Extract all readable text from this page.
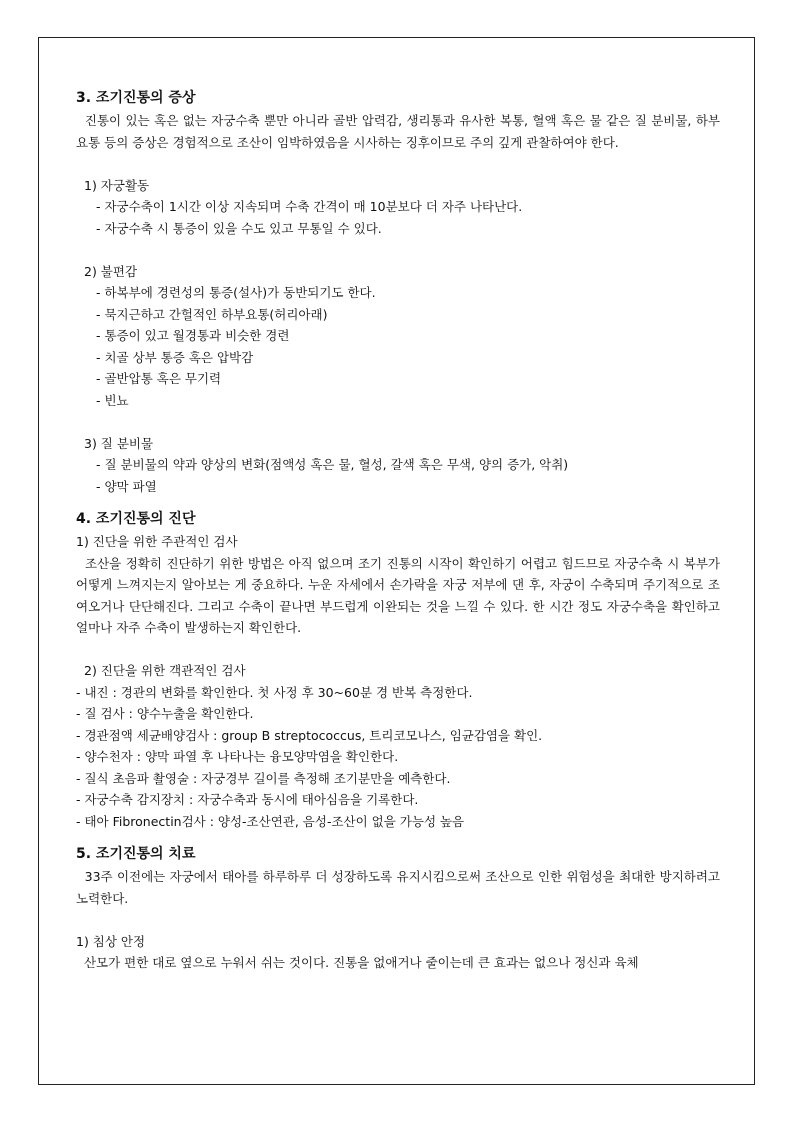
3. 조기진통의 증상

진통이 있는 혹은 없는 자궁수축 뿐만 아니라 골반 압력감, 생리통과 유사한 복통, 혈액 혹은 물 같은 질 분비물, 하부 요통 등의 증상은 경험적으로 조산이 임박하였음을 시사하는 징후이므로 주의 깊게 관찰하여야 한다.

1) 자궁활동

- 자궁수축이 1시간 이상 지속되며 수축 간격이 매 10분보다 더 자주 나타난다.

- 자궁수축 시 통증이 있을 수도 있고 무통일 수 있다.

2) 불편감

- 하복부에 경련성의 통증(설사)가 동반되기도 한다.

- 묵지근하고 간헐적인 하부요통(허리아래)

- 통증이 있고 월경통과 비슷한 경련

- 치골 상부 통증 혹은 압박감

- 골반압통 혹은 무기력

- 빈뇨

3) 질 분비물

- 질 분비물의 약과 양상의 변화(점액성 혹은 물, 혈성, 갈색 혹은 무색, 양의 증가, 악취)

- 양막 파열

4. 조기진통의 진단

1) 진단을 위한 주관적인 검사

조산을 정확히 진단하기 위한 방법은 아직 없으며 조기 진통의 시작이 확인하기 어렵고 힘드므로 자궁수축 시 복부가 어떻게 느껴지는지 알아보는 게 중요하다. 누운 자세에서 손가락을 자궁 저부에 댄 후, 자궁이 수축되며 주기적으로 조여오거나 단단해진다. 그리고 수축이 끝나면 부드럽게 이완되는 것을 느낄 수 있다. 한 시간 정도 자궁수축을 확인하고 얼마나 자주 수축이 발생하는지 확인한다.

2) 진단을 위한 객관적인 검사

- 내진 : 경관의 변화를 확인한다. 첫 사정 후 30~60분 경 반복 측정한다.

- 질 검사 : 양수누출을 확인한다.

- 경관점액 세균배양검사 : group B streptococcus, 트리코모나스, 임균감염을 확인.

- 양수천자 : 양막 파열 후 나타나는 융모양막염을 확인한다.

- 질식 초음파 촬영술 : 자궁경부 길이를 측정해 조기분만을 예측한다.

- 자궁수축 감지장치 : 자궁수축과 동시에 태아심음을 기록한다.

- 태아 Fibronectin검사 : 양성-조산연관, 음성-조산이 없을 가능성 높음

5. 조기진통의 치료

33주 이전에는 자궁에서 태아를 하루하루 더 성장하도록 유지시킴으로써 조산으로 인한 위험성을 최대한 방지하려고 노력한다.

1) 침상 안정

산모가 편한 대로 옆으로 누워서 쉬는 것이다. 진통을 없애거나 줄이는데 큰 효과는 없으나 정신과 육체
